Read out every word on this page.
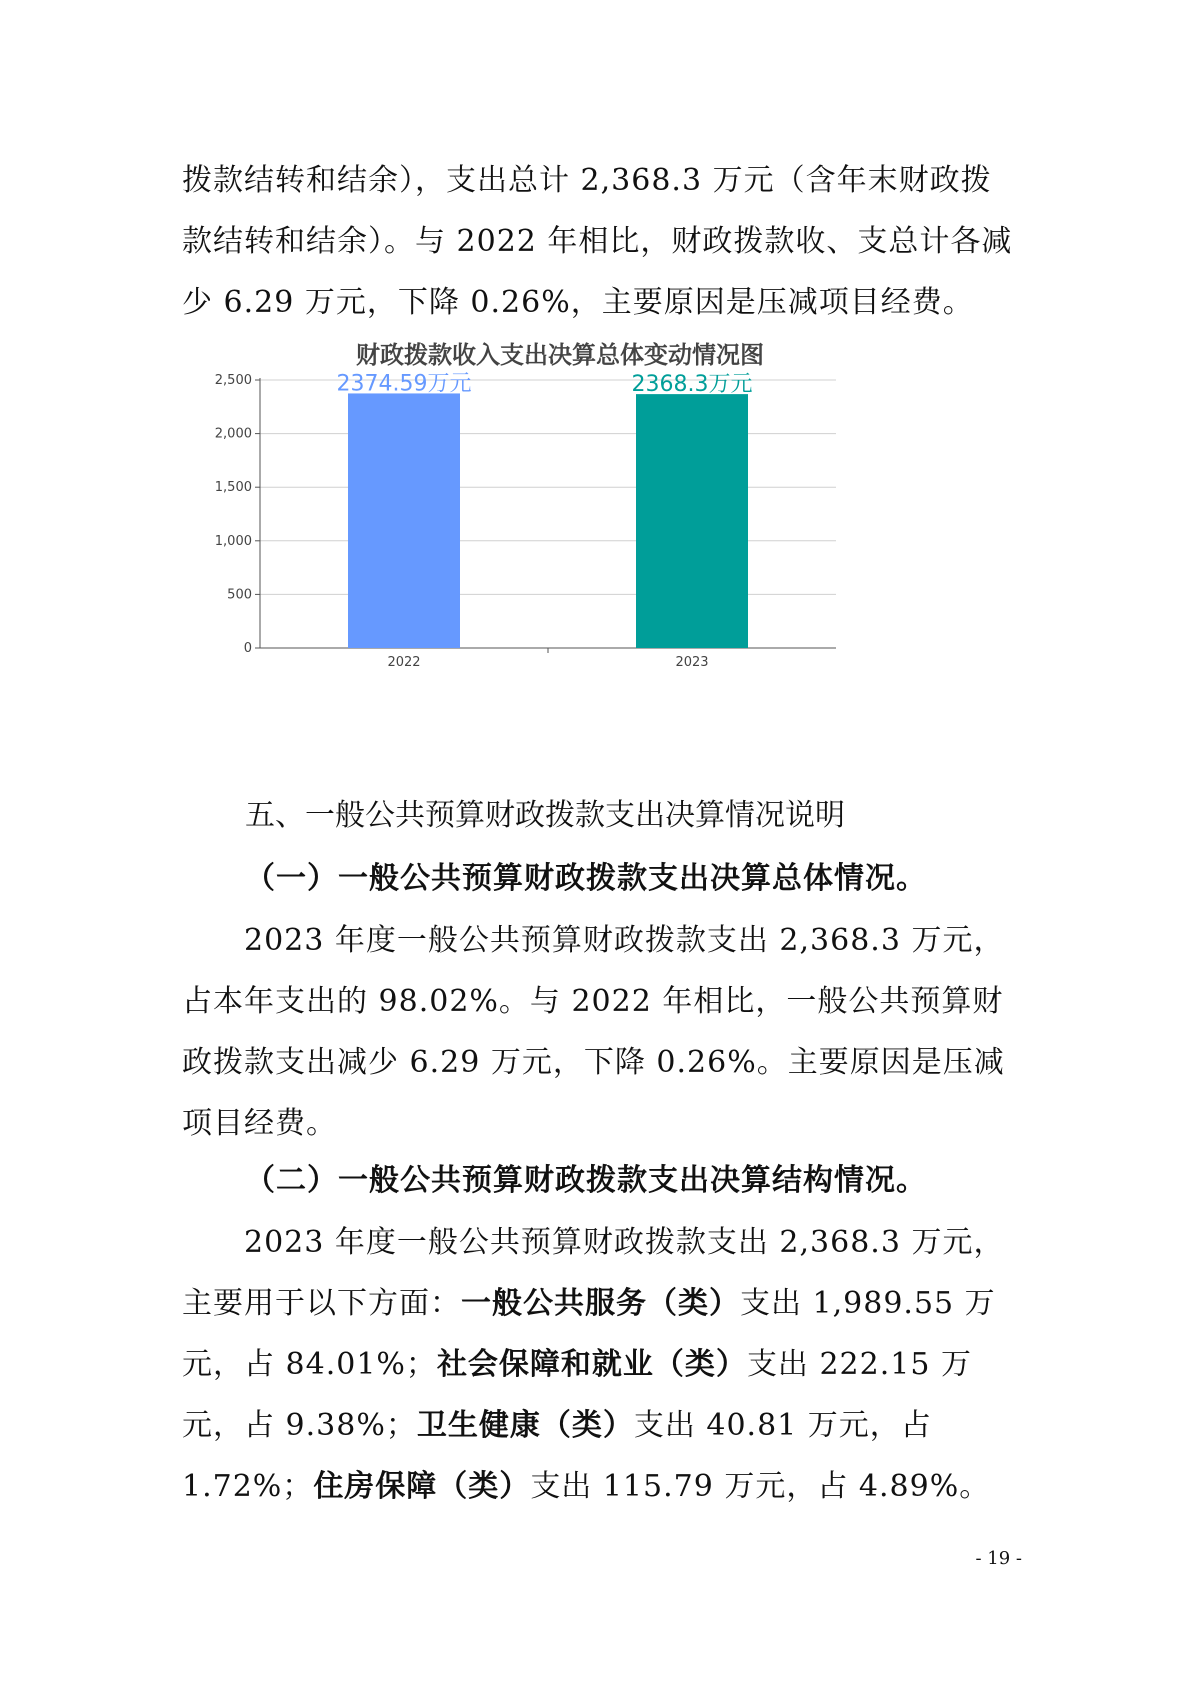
拨款结转和结余），支出总计 2,368.3 万元（含年末财政拨款结转和结余）。与 2022 年相比，财政拨款收、支总计各减少 6.29 万元，下降 0.26%，主要原因是压减项目经费。

财政拨款收入支出决算总体变动情况图
0
500
1,000
1,500
2,000
2,500	2374.59万元
2022
2368.3万元
2023
五、一般公共预算财政拨款支出决算情况说明
（一）一般公共预算财政拨款支出决算总体情况。

2023 年度一般公共预算财政拨款支出 2,368.3 万元，占本年支出的 98.02%。与 2022 年相比，一般公共预算财政拨款支出减少 6.29 万元，下降 0.26%。主要原因是压减项目经费。

（二）一般公共预算财政拨款支出决算结构情况。

2023 年度一般公共预算财政拨款支出 2,368.3 万元，主要用于以下方面：一般公共服务（类）支出 1,989.55 万元，占 84.01%；社会保障和就业（类）支出 222.15 万元，占 9.38%；卫生健康（类）支出 40.81 万元，占 1.72%；住房保障（类）支出 115.79 万元，占 4.89%。

- 19 -
